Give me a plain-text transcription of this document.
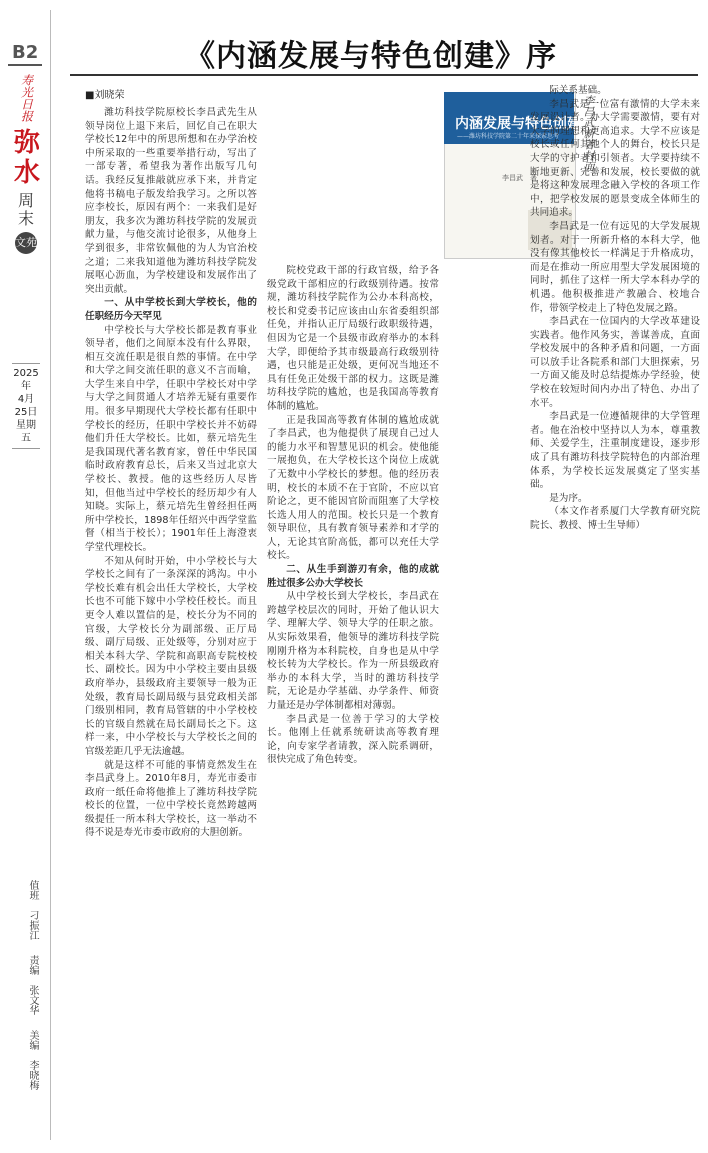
B2
寿光日报
弥水
周末
文苑
2025年
4月25日
星期五
值班　刁振江 责编　张文华 美编　李晓梅
《内涵发展与特色创建》序
■刘晓荣
内涵发展与特色创建
——潍坊科技学院第二十年来探索思考
李昌武　著	李昌武新著封面。

潍坊科技学院原校长李昌武先生从领导岗位上退下来后，回忆自己在职大学校长12年中的所思所想和在办学治校中所采取的一些重要举措行动，写出了一部专著，希望我为著作出版写几句话。我经反复推敲就应承下来，并肯定他将书稿电子版发给我学习。之所以答应李校长，原因有两个：一来我们是好朋友，我多次为潍坊科技学院的发展贡献力量，与他交流讨论很多，从他身上学到很多，非常钦佩他的为人为官治校之道；二来我知道他为潍坊科技学院发展呕心沥血，为学校建设和发展作出了突出贡献。

一、从中学校长到大学校长，他的任职经历今天罕见

中学校长与大学校长都是教育事业领导者，他们之间原本没有什么界限，相互交流任职是很自然的事情。在中学和大学之间交流任职的意义不言而喻，大学生来自中学，任职中学校长对中学与大学之间贯通人才培养无疑有重要作用。很多早期现代大学校长都有任职中学校长的经历，任职中学校长并不妨碍他们升任大学校长。比如，蔡元培先生是我国现代著名教育家，曾任中华民国临时政府教育总长，后来又当过北京大学校长、教授。他的这些经历人尽皆知，但他当过中学校长的经历却少有人知晓。实际上，蔡元培先生曾经担任两所中学校长，1898年任绍兴中西学堂监督（相当于校长）；1901年任上海澄衷学堂代理校长。

不知从何时开始，中小学校长与大学校长之间有了一条深深的鸿沟。中小学校长难有机会出任大学校长，大学校长也不可能下嫁中小学校任校长。而且更令人难以置信的是，校长分为不同的官级，大学校长分为副部级、正厅局级、副厅局级、正处级等，分别对应于相关本科大学、学院和高职高专院校校长、副校长。因为中小学校主要由县级政府举办，县级政府主要领导一般为正处级，教育局长副局级与县党政相关部门级别相同，教育局管辖的中小学校校长的官级自然就在局长副局长之下。这样一来，中小学校长与大学校长之间的官级差距几乎无法逾越。

就是这样不可能的事情竟然发生在李昌武身上。2010年8月，寿光市委市政府一纸任命将他推上了潍坊科技学院校长的位置，一位中学校长竟然跨越两级提任一所本科大学校长，这一举动不得不说是寿光市委市政府的大胆创新。

院校党政干部的行政官级，给予各级党政干部相应的行政级别待遇。按常规，潍坊科技学院作为公办本科高校，校长和党委书记应该由山东省委组织部任免，并指认正厅局级行政职级待遇，但因为它是一个县级市政府举办的本科大学，即便给予其市级最高行政级别待遇，也只能是正处级，更何况当地还不具有任免正处级干部的权力。这既是潍坊科技学院的尴尬，也是我国高等教育体制的尴尬。

正是我国高等教育体制的尴尬成就了李昌武，也为他提供了展现自己过人的能力水平和智慧见识的机会。使他能一展抱负，在大学校长这个岗位上成就了无数中小学校长的梦想。他的经历表明，校长的本质不在于官阶，不应以官阶论之，更不能因官阶而阻塞了大学校长选人用人的范围。校长只是一个教育领导职位，具有教育领导素养和才学的人，无论其官阶高低，都可以充任大学校长。

二、从生手到游刃有余，他的成就胜过很多公办大学校长

从中学校长到大学校长，李昌武在跨越学校层次的同时，开始了他认识大学、理解大学、领导大学的任职之旅。从实际效果看，他领导的潍坊科技学院刚刚升格为本科院校，自身也是从中学校长转为大学校长。作为一所县级政府举办的本科大学，当时的潍坊科技学院，无论是办学基础、办学条件、师资力量还是办学体制都相对薄弱。

李昌武是一位善于学习的大学校长。他刚上任就系统研读高等教育理论，向专家学者请教，深入院系调研，很快完成了角色转变。

际关系基础。

李昌武是一位富有激情的大学未来发展设计者。办大学需要激情，要有对大学的理想和更高追求。大学不应该是校长或任何其他个人的舞台，校长只是大学的守护者和引领者。大学要持续不断地更新、完善和发展，校长要做的就是将这种发展理念融入学校的各项工作中，把学校发展的愿景变成全体师生的共同追求。

李昌武是一位有远见的大学发展规划者。对于一所新升格的本科大学，他没有像其他校长一样满足于升格成功，而是在推动一所应用型大学发展困境的同时，抓住了这样一所大学本科办学的机遇。他积极推进产教融合、校地合作，带领学校走上了特色发展之路。

李昌武在一位国内的大学改革建设实践者。他作风务实，善谋善成，直面学校发展中的各种矛盾和问题，一方面可以放手让各院系和部门大胆探索，另一方面又能及时总结提炼办学经验，使学校在较短时间内办出了特色、办出了水平。

李昌武是一位遵循规律的大学管理者。他在治校中坚持以人为本，尊重教师、关爱学生，注重制度建设，逐步形成了具有潍坊科技学院特色的内部治理体系，为学校长远发展奠定了坚实基础。

是为序。

（本文作者系厦门大学教育研究院院长、教授、博士生导师）
